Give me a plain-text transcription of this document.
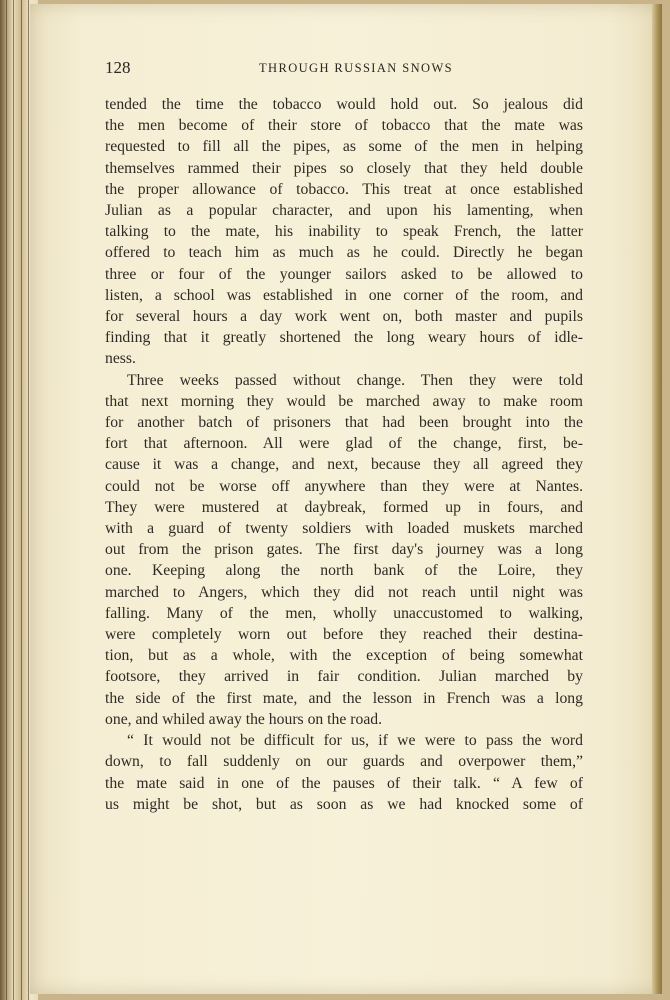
128	THROUGH RUSSIAN SNOWS
tended the time the tobacco would hold out. So jealous did
the men become of their store of tobacco that the mate was
requested to fill all the pipes, as some of the men in helping
themselves rammed their pipes so closely that they held double
the proper allowance of tobacco. This treat at once established
Julian as a popular character, and upon his lamenting, when
talking to the mate, his inability to speak French, the latter
offered to teach him as much as he could. Directly he began
three or four of the younger sailors asked to be allowed to
listen, a school was established in one corner of the room, and
for several hours a day work went on, both master and pupils
finding that it greatly shortened the long weary hours of idle-
ness.
Three weeks passed without change. Then they were told
that next morning they would be marched away to make room
for another batch of prisoners that had been brought into the
fort that afternoon. All were glad of the change, first, be-
cause it was a change, and next, because they all agreed they
could not be worse off anywhere than they were at Nantes.
They were mustered at daybreak, formed up in fours, and
with a guard of twenty soldiers with loaded muskets marched
out from the prison gates. The first day's journey was a long
one. Keeping along the north bank of the Loire, they
marched to Angers, which they did not reach until night was
falling. Many of the men, wholly unaccustomed to walking,
were completely worn out before they reached their destina-
tion, but as a whole, with the exception of being somewhat
footsore, they arrived in fair condition. Julian marched by
the side of the first mate, and the lesson in French was a long
one, and whiled away the hours on the road.
“ It would not be difficult for us, if we were to pass the word
down, to fall suddenly on our guards and overpower them,”
the mate said in one of the pauses of their talk. “ A few of
us might be shot, but as soon as we had knocked some of
